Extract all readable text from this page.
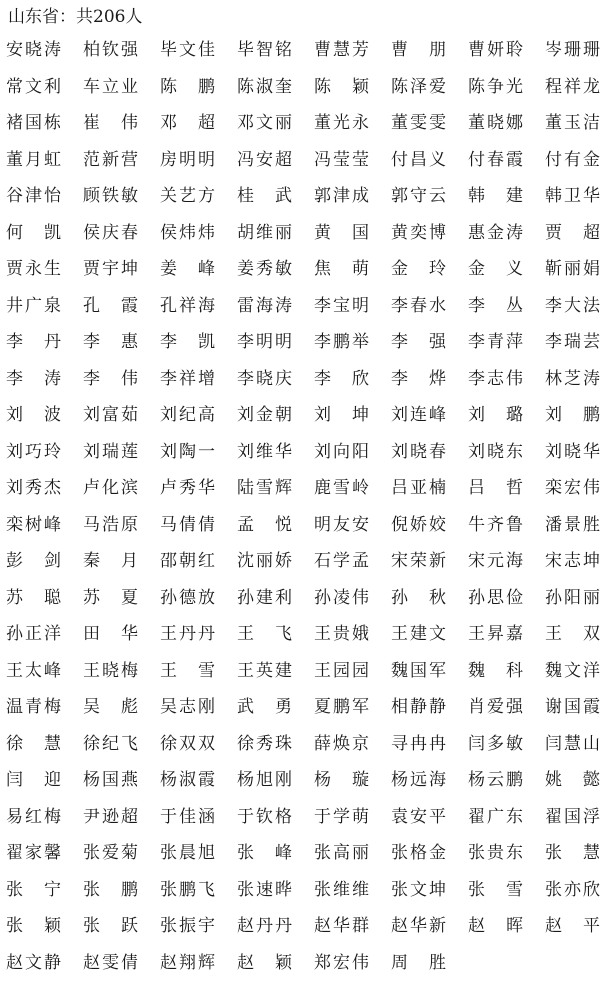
山东省：共206人
安晓涛 柏钦强 毕文佳 毕智铭 曹慧芳 曹朋 曹妍聆 岑珊珊
常文利 车立业 陈鹏 陈淑奎 陈颖 陈泽爱 陈争光 程祥龙
褚国栋 崔伟 邓超 邓文丽 董光永 董雯雯 董晓娜 董玉洁
董月虹 范新营 房明明 冯安超 冯莹莹 付昌义 付春霞 付有金
谷津怡 顾铁敏 关艺方 桂武 郭津成 郭守云 韩建 韩卫华
何凯 侯庆春 侯炜炜 胡维丽 黄国 黄奕博 惠金涛 贾超
贾永生 贾宇坤 姜峰 姜秀敏 焦萌 金玲 金义 靳丽娟
井广泉 孔霞 孔祥海 雷海涛 李宝明 李春水 李丛 李大法
李丹 李惠 李凯 李明明 李鹏举 李强 李青萍 李瑞芸
李涛 李伟 李祥增 李晓庆 李欣 李烨 李志伟 林芝涛
刘波 刘富茹 刘纪高 刘金朝 刘坤 刘连峰 刘璐 刘鹏
刘巧玲 刘瑞莲 刘陶一 刘维华 刘向阳 刘晓春 刘晓东 刘晓华
刘秀杰 卢化滨 卢秀华 陆雪辉 鹿雪岭 吕亚楠 吕哲 栾宏伟
栾树峰 马浩原 马倩倩 孟悦 明友安 倪娇姣 牛齐鲁 潘景胜
彭剑 秦月 邵朝红 沈丽娇 石学孟 宋荣新 宋元海 宋志坤
苏聪 苏夏 孙德放 孙建利 孙凌伟 孙秋 孙思俭 孙阳丽
孙正洋 田华 王丹丹 王飞 王贵娥 王建文 王昇嘉 王双
王太峰 王晓梅 王雪 王英建 王园园 魏国军 魏科 魏文洋
温青梅 吴彪 吴志刚 武勇 夏鹏军 相静静 肖爱强 谢国霞
徐慧 徐纪飞 徐双双 徐秀珠 薛焕京 寻冉冉 闫多敏 闫慧山
闫迎 杨国燕 杨淑霞 杨旭刚 杨璇 杨远海 杨云鹏 姚懿
易红梅 尹逊超 于佳涵 于钦格 于学萌 袁安平 翟广东 翟国浮
翟家馨 张爱菊 张晨旭 张峰 张高丽 张格金 张贵东 张慧
张宁 张鹏 张鹏飞 张速晔 张维维 张文坤 张雪 张亦欣
张颖 张跃 张振宇 赵丹丹 赵华群 赵华新 赵晖 赵平
赵文静 赵雯倩 赵翔辉 赵颖 郑宏伟 周胜
